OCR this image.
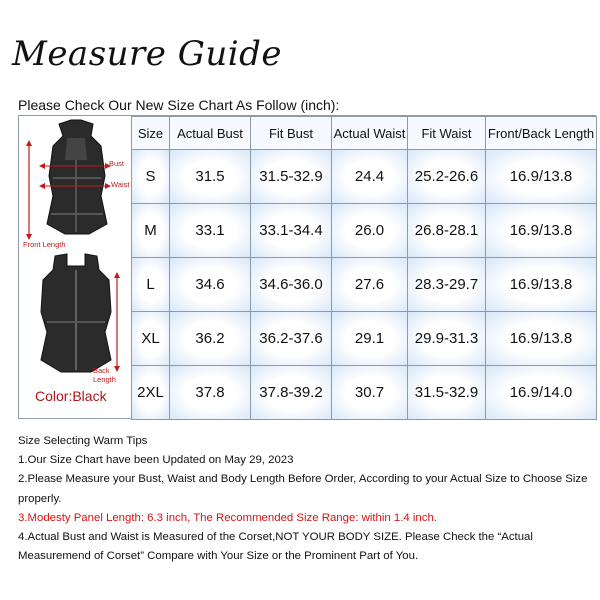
Measure Guide
Please Check Our New Size Chart As Follow (inch):
Bust
Waist
Front Length
Back Length
Color:Black
Size	Actual Bust	Fit Bust	Actual Waist	Fit Waist	Front/Back Length
S	31.5	31.5-32.9	24.4	25.2-26.6	16.9/13.8
M	33.1	33.1-34.4	26.0	26.8-28.1	16.9/13.8
L	34.6	34.6-36.0	27.6	28.3-29.7	16.9/13.8
XL	36.2	36.2-37.6	29.1	29.9-31.3	16.9/13.8
2XL	37.8	37.8-39.2	30.7	31.5-32.9	16.9/14.0

Size Selecting Warm Tips

1.Our Size Chart have been Updated on May 29, 2023

2.Please Measure your Bust, Waist and Body Length Before Order, According to your Actual Size to Choose Size properly.

3.Modesty Panel Length: 6.3 inch, The Recommended Size Range: within 1.4 inch.

4.Actual Bust and Waist is Measured of the Corset,NOT YOUR BODY SIZE. Please Check the “Actual Measuremend of Corset” Compare with Your Size or the Prominent Part of You.
